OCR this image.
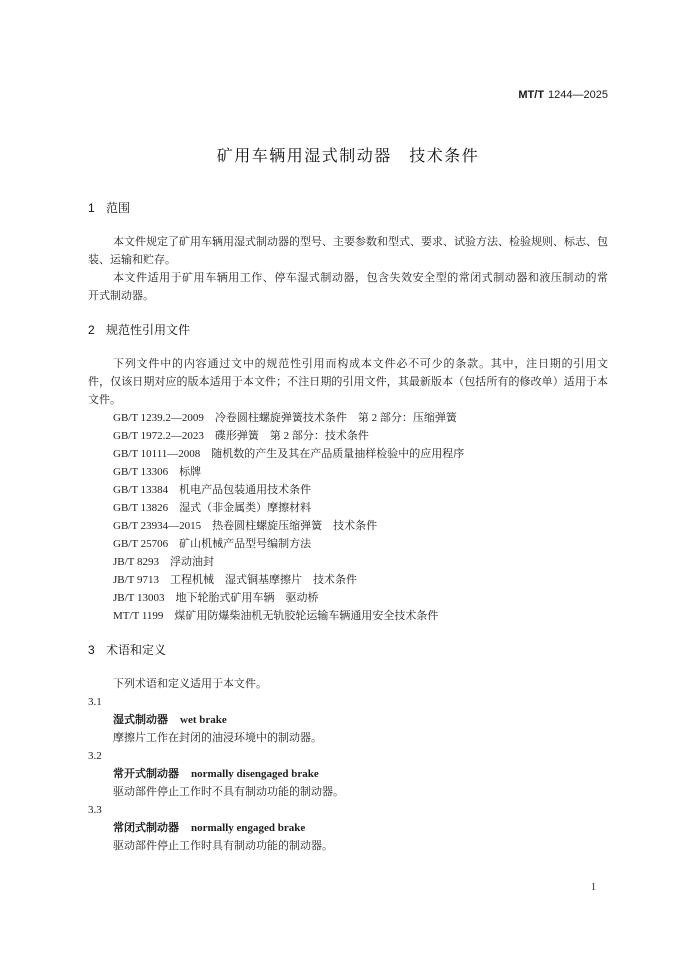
MT/T 1244—2025
矿用车辆用湿式制动器　技术条件
1 范围
本文件规定了矿用车辆用湿式制动器的型号、主要参数和型式、要求、试验方法、检验规则、标志、包
装、运输和贮存。
本文件适用于矿用车辆用工作、停车湿式制动器，包含失效安全型的常闭式制动器和液压制动的常
开式制动器。
2 规范性引用文件
下列文件中的内容通过文中的规范性引用而构成本文件必不可少的条款。其中，注日期的引用文
件，仅该日期对应的版本适用于本文件；不注日期的引用文件，其最新版本（包括所有的修改单）适用于本
文件。
GB/T 1239.2—2009 冷卷圆柱螺旋弹簧技术条件　第 2 部分：压缩弹簧
GB/T 1972.2—2023 碟形弹簧　第 2 部分：技术条件
GB/T 10111—2008 随机数的产生及其在产品质量抽样检验中的应用程序
GB/T 13306 标牌
GB/T 13384 机电产品包装通用技术条件
GB/T 13826 湿式（非金属类）摩擦材料
GB/T 23934—2015 热卷圆柱螺旋压缩弹簧　技术条件
GB/T 25706 矿山机械产品型号编制方法
JB/T 8293 浮动油封
JB/T 9713 工程机械　湿式铜基摩擦片　技术条件
JB/T 13003 地下轮胎式矿用车辆　驱动桥
MT/T 1199 煤矿用防爆柴油机无轨胶轮运输车辆通用安全技术条件
3 术语和定义
下列术语和定义适用于本文件。
3.1
湿式制动器 wet brake
摩擦片工作在封闭的油浸环境中的制动器。
3.2
常开式制动器 normally disengaged brake
驱动部件停止工作时不具有制动功能的制动器。
3.3
常闭式制动器 normally engaged brake
驱动部件停止工作时具有制动功能的制动器。
1
